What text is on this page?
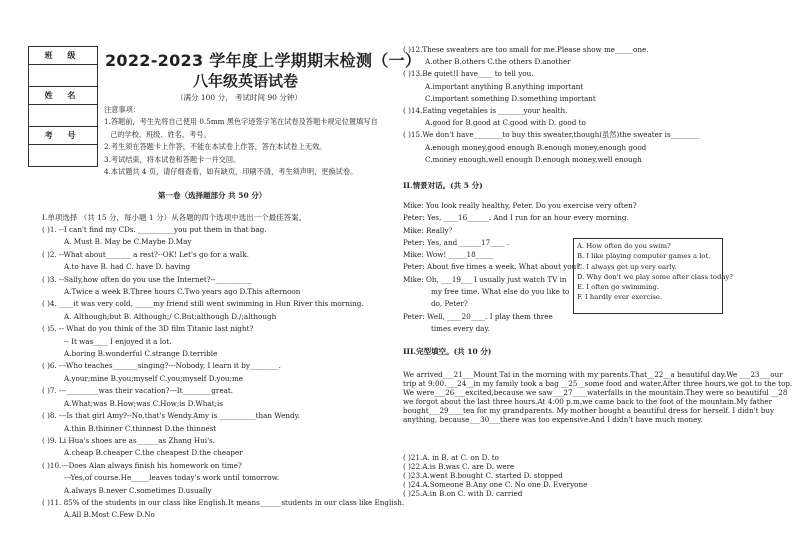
班 级

姓 名

考 号

2022-2023 学年度上学期期末检测（一）
八年级英语试卷
（满分 100 分， 考试时间 90 分钟）
注意事项：
1.答题前，考生先将自己使用 0.5mm 黑色字迹签字笔在试卷及答题卡规定位置填写自
己的学校、班级、姓名、考号。
2.考生须在答题卡上作答，不能在本试卷上作答，答在本试卷上无效。
3.考试结束，将本试卷和答题卡一并交回。
4.本试题共 4 页，请仔细查看，如有缺页，印刷不清，考生须声明，更换试卷。
第一卷（选择题部分 共 50 分）
I.单项选择 （共 15 分，每小题 1 分）从各题的四个选项中选出一个最佳答案。
( )1. --I can't find my CDs. __________you put them in that bag.
A. Must B. May be C.Maybe D.May
( )2. --What about_______ a rest?--OK! Let's go for a walk.
A.to have B. had C. have D. having
( )3. --Sally,how often do you use the Internet?--__________
A.Twice a week B.Three hours C.Two years ago D.This afternoon
( )4. ____it was very cold, _____my friend still went swimming in Hun River this morning.
A. Although;but B. Although;/ C.But;although D./;although
( )5. -- What do you think of the 3D film Titanic last night?
-- It was____ I enjoyed it a lot.
A.boring B.wonderful C.strange D.terrible
( )6. ---Who teaches_______singing?---Nobody, I learn it by________.
A.your;mine B.you;myself C.you;myself D.you;me
( )7. ---_________was their vacation?---It________great.
A.What;was B.How;was C.How;is D.What;is
( )8. ---Is that girl Amy?--No,that's Wendy.Amy is __________than Wendy.
A.thin B.thinner C.thinnest D.the thinnest
( )9. Li Hua's shoes are as______as Zhang Hui's.
A.cheap B.cheaper C.the cheapest D.the cheaper
( )10.---Does Alan always finish his homework on time?
---Yes,of course.He_____leaves today's work until tomorrow.
A.always B.never C.sometimes D.usually
( )11. 85% of the students in our class like English.It means______students in our class like English.
A.All B.Most C.Few D.No
( )12.These sweaters are too small for me.Please show me_____one.
A.other B.others C.the others D.another
( )13.Be quiet!I have____ to tell you.
A.important anything B.anything important
C.important something D.something important
( )14.Eating vegetables is _______your health.
A.good for B.good at C.good with D. good to
( )15.We don't have________to buy this sweater,though(虽然)the sweater is________
A.enough money,good enough B.enough money,enough good
C.money enough,well enough D.enough money,well enough
II.情景对话。(共 5 分)
Mike: You look really healthy, Peter. Do you exercise very often?
Peter: Yes, ____16______. And I run for an hour every morning.
Mike: Really？
Peter: Yes, and ______17____ .
Mike: Wow! _____18_____
Peter: About five times a week. What about you?
Mike: Oh, ___19___ I usually just watch TV in
my free time. What else do you like to
do, Peter?
Peter: Well, ____20____. I play them three
times every day.
A. How often do you swim?
B. I like playing computer games a lot.
C. I always get up very early.
D. Why don't we play some after class today?
E. I often go swimming.
F. I hardly ever exercise.
III.完型填空。(共 10 分)
We arrived___21___Mount Tai in the morning with my parents.That__22__a beautiful day.We ___23___our
trip at 9:00.___24__in my family took a bag __25__some food and water.After three hours,we got to the top.
We were___26___excited,because we saw___27____waterfalls in the mountain.They were so beautiful __28
we forgot about the last three hours.At 4:00 p.m,we came back to the foot of the mountain.My father
bought___29____tea for my grandparents. My mother bought a beautiful dress for herself. I didn't buy
anything, because___30___there was too expensive.And I didn't have much money.
( )21.A. in B. at C. on D. to
( )22.A.is B.was C. are D. were
( )23.A.went B.bought C. started D. stopped
( )24.A.Someone B.Any one C. No one D. Everyone
( )25.A.in B.on C. with D. carried
